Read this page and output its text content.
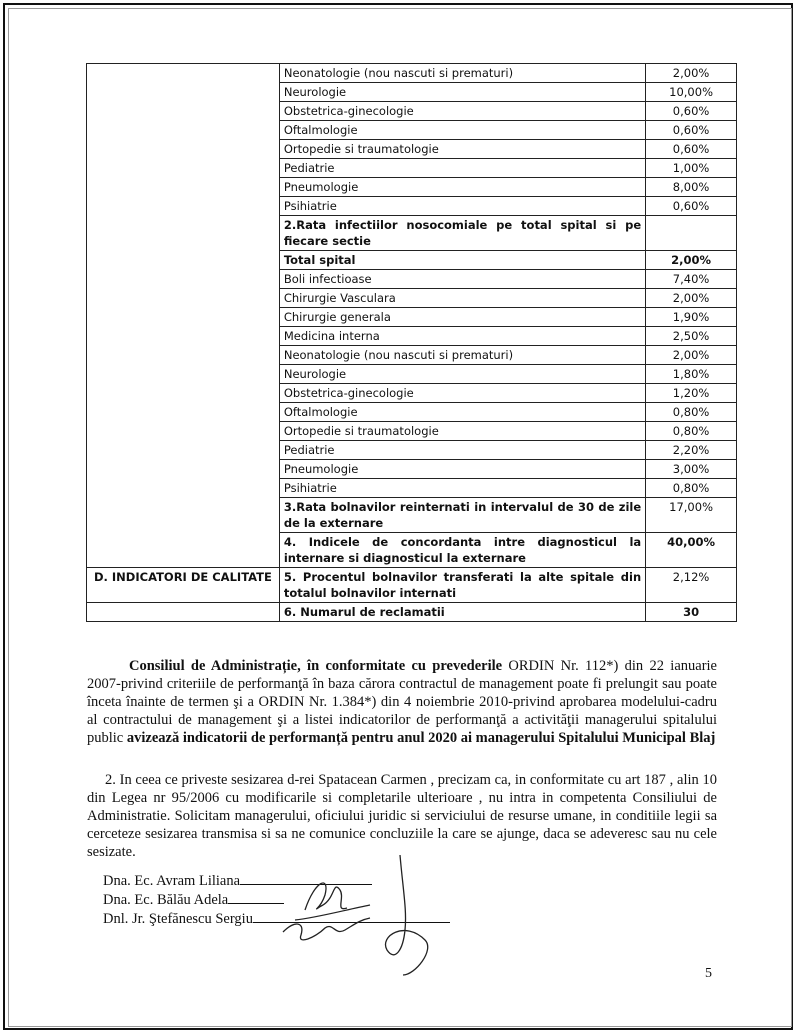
	Neonatologie (nou nascuti si prematuri)	2,00%
	Neurologie	10,00%
	Obstetrica-ginecologie	0,60%
	Oftalmologie	0,60%
	Ortopedie si traumatologie	0,60%
	Pediatrie	1,00%
	Pneumologie	8,00%
	Psihiatrie	0,60%
	2.Rata infectiilor nosocomiale pe total spital si pe fiecare sectie	
	Total spital	2,00%
	Boli infectioase	7,40%
	Chirurgie Vasculara	2,00%
	Chirurgie generala	1,90%
	Medicina interna	2,50%
	Neonatologie (nou nascuti si prematuri)	2,00%
	Neurologie	1,80%
	Obstetrica-ginecologie	1,20%
	Oftalmologie	0,80%
	Ortopedie si traumatologie	0,80%
	Pediatrie	2,20%
	Pneumologie	3,00%
	Psihiatrie	0,80%
	3.Rata bolnavilor reinternati in intervalul de 30 de zile de la externare	17,00%
	4. Indicele de concordanta intre diagnosticul la internare si diagnosticul la externare	40,00%
D. INDICATORI DE CALITATE	5. Procentul bolnavilor transferati la alte spitale din totalul bolnavilor internati	2,12%
	6. Numarul de reclamatii	30
Consiliul de Administrație, în conformitate cu prevederile ORDIN Nr. 112*) din 22 ianuarie 2007-privind criteriile de performanţă în baza cărora contractul de management poate fi prelungit sau poate înceta înainte de termen şi a ORDIN Nr. 1.384*) din 4 noiembrie 2010-privind aprobarea modelului-cadru al contractului de management şi a listei indicatorilor de performanţă a activităţii managerului spitalului public avizează indicatorii de performanță pentru anul 2020 ai managerului Spitalului Municipal Blaj
2. In ceea ce priveste sesizarea d-rei Spatacean Carmen , precizam ca, in conformitate cu art 187 , alin 10 din Legea nr 95/2006 cu modificarile si completarile ulterioare , nu intra in competenta Consiliului de Administratie. Solicitam managerului, oficiului juridic si serviciului de resurse umane, in conditiile legii sa cerceteze sesizarea transmisa si sa ne comunice concluziile la care se ajunge, daca se adeveresc sau nu cele sesizate.
Dna. Ec. Avram Liliana
Dna. Ec. Bălău Adela
Dnl. Jr. Ştefănescu Sergiu
5
